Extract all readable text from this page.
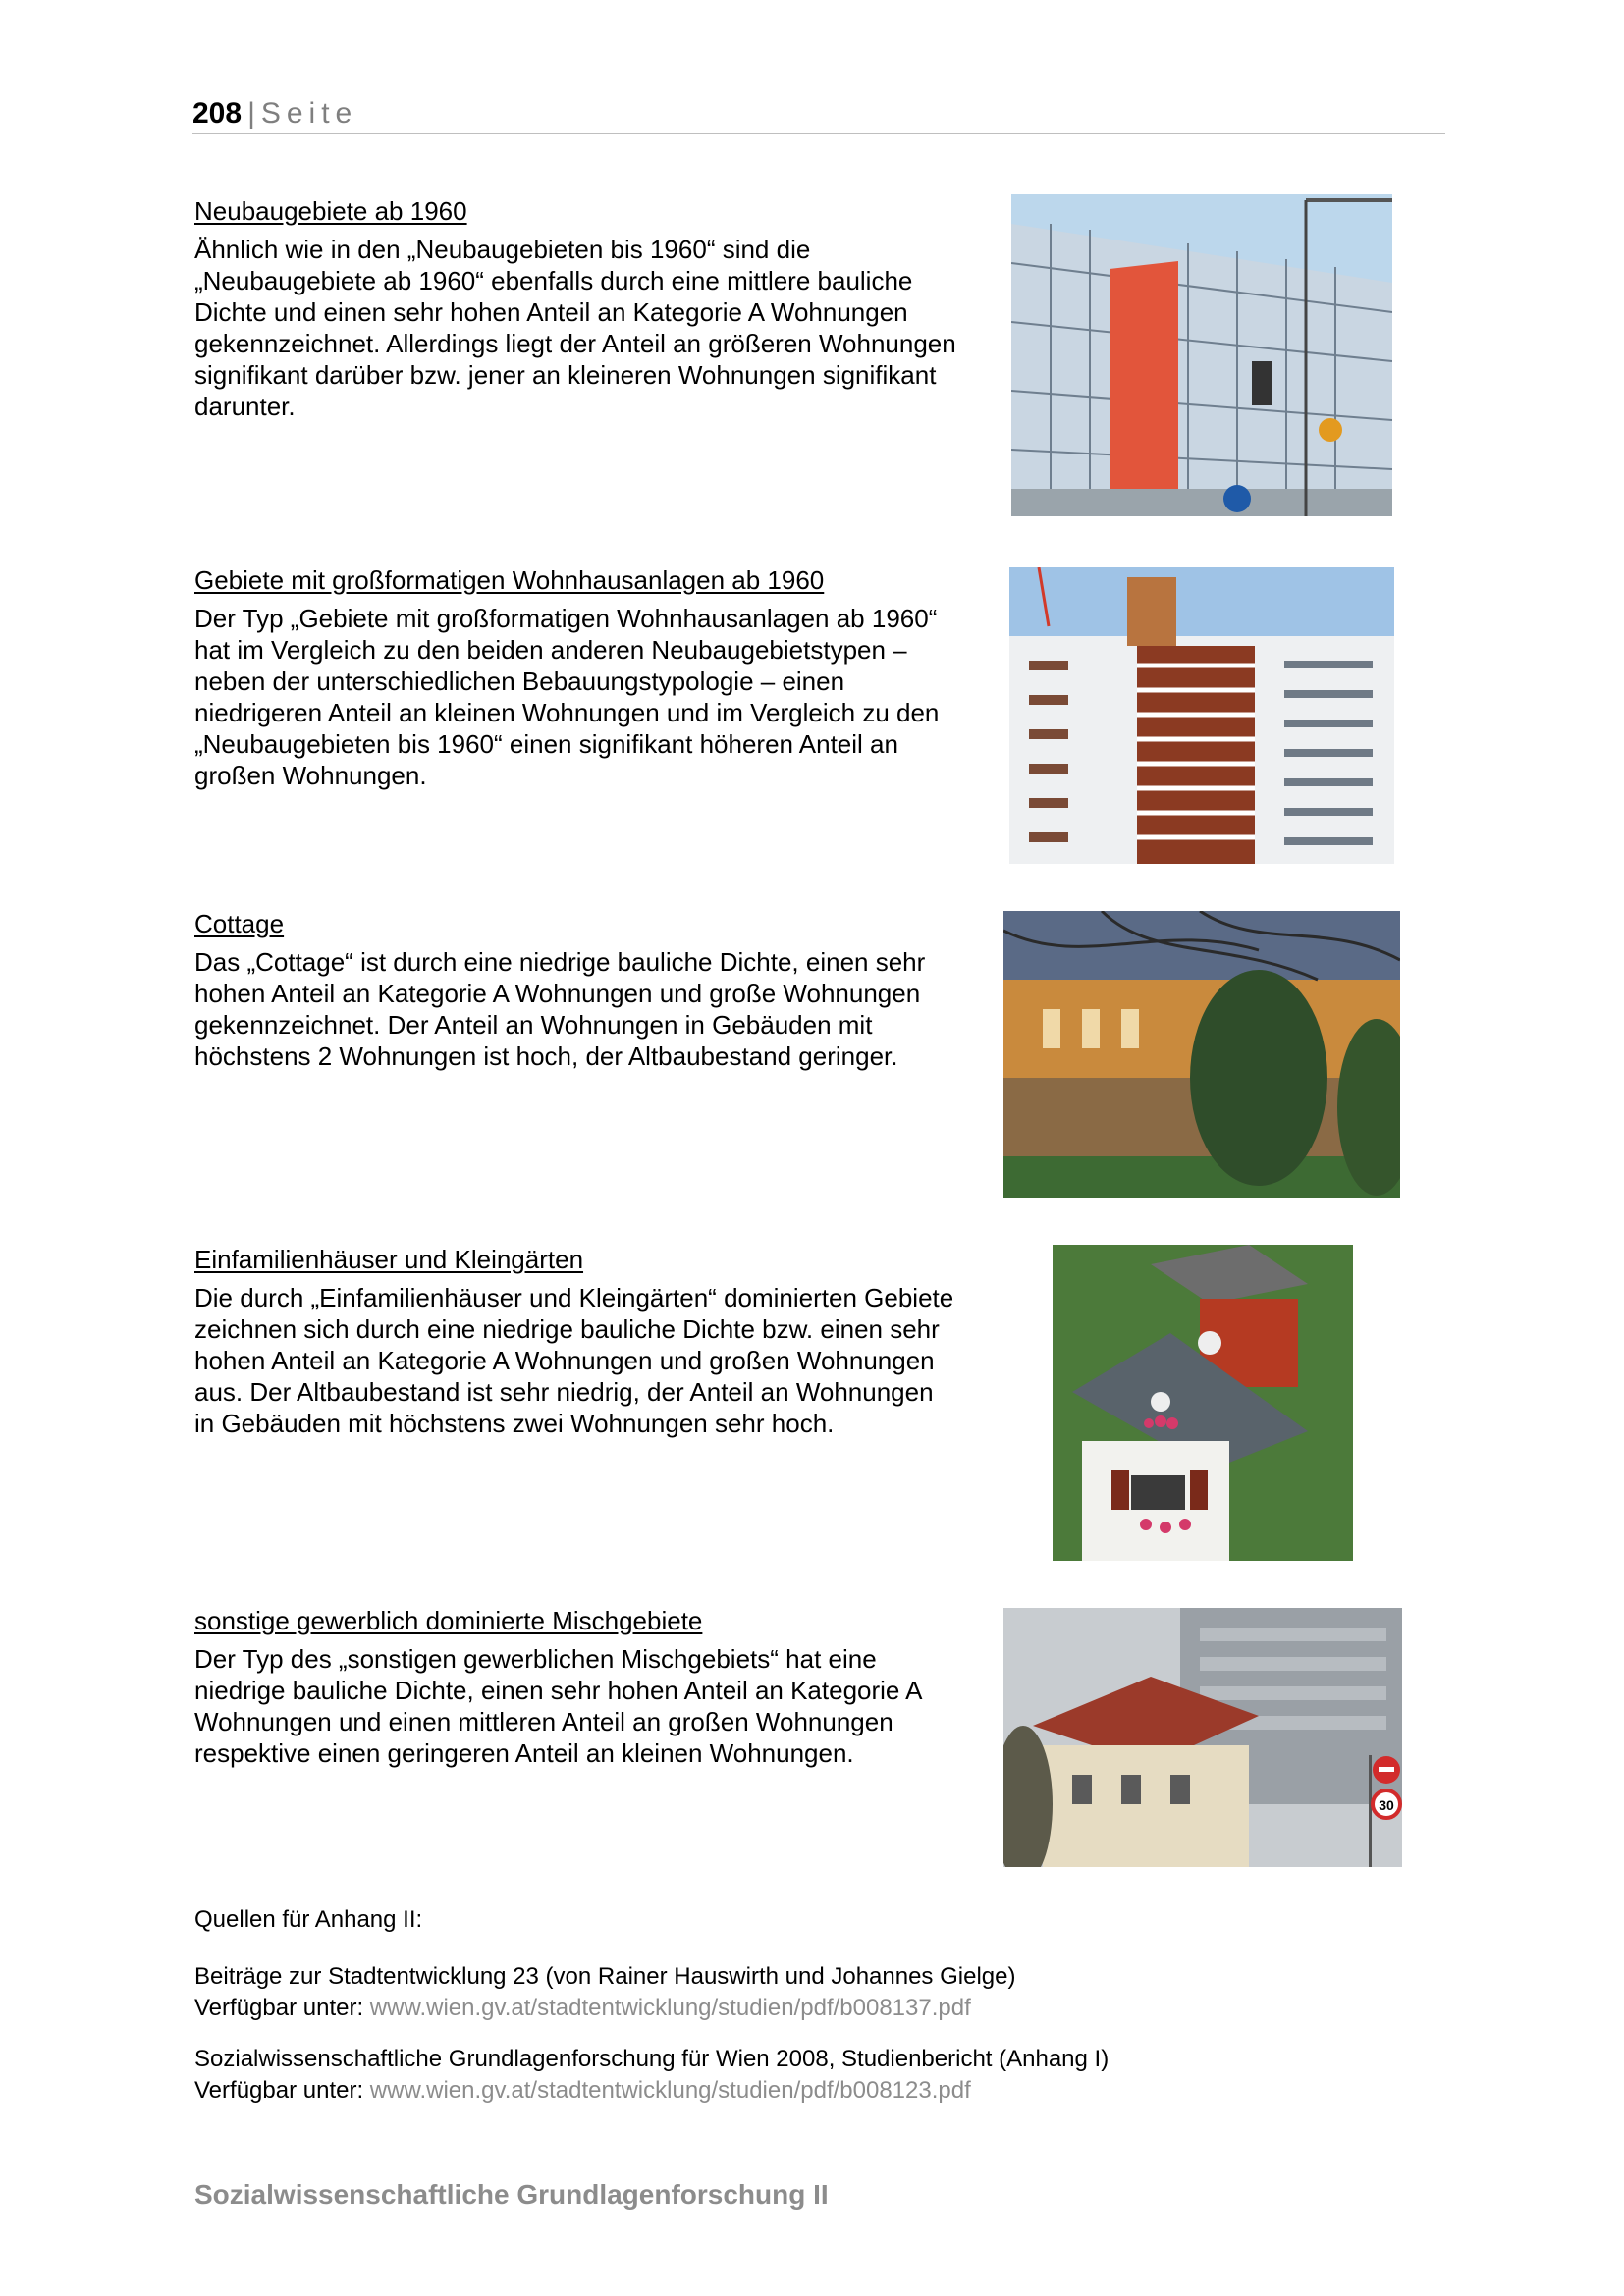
208 | Seite
Neubaugebiete ab 1960

Ähnlich wie in den „Neubaugebieten bis 1960“ sind die „Neubaugebiete ab 1960“ ebenfalls durch eine mittlere bauliche Dichte und einen sehr hohen Anteil an Kategorie A Wohnungen gekennzeichnet. Allerdings liegt der Anteil an größeren Wohnungen signifikant darüber bzw. jener an kleineren Wohnungen signifikant darunter.

Gebiete mit großformatigen Wohnhausanlagen ab 1960

Der Typ „Gebiete mit großformatigen Wohnhausanlagen ab 1960“ hat im Vergleich zu den beiden anderen Neubaugebietstypen – neben der unterschiedlichen Bebauungstypologie – einen niedrigeren Anteil an kleinen Wohnungen und im Vergleich zu den „Neubaugebieten bis 1960“ einen signifikant höheren Anteil an großen Wohnungen.

Cottage

Das „Cottage“ ist durch eine niedrige bauliche Dichte, einen sehr hohen Anteil an Kategorie A Wohnungen und große Wohnungen gekennzeichnet. Der Anteil an Wohnungen in Gebäuden mit höchstens 2 Wohnungen ist hoch, der Altbaubestand geringer.

Einfamilienhäuser und Kleingärten

Die durch „Einfamilienhäuser und Kleingärten“ dominierten Gebiete zeichnen sich durch eine niedrige bauliche Dichte bzw. einen sehr hohen Anteil an Kategorie A Wohnungen und großen Wohnungen aus. Der Altbaubestand ist sehr niedrig, der Anteil an Wohnungen in Gebäuden mit höchstens zwei Wohnungen sehr hoch.

sonstige gewerblich dominierte Mischgebiete

Der Typ des „sonstigen gewerblichen Mischgebiets“ hat eine niedrige bauliche Dichte, einen sehr hohen Anteil an Kategorie A Wohnungen und einen mittleren Anteil an großen Wohnungen respektive einen geringeren Anteil an kleinen Wohnungen.

30

Quellen für Anhang II:

Beiträge zur Stadtentwicklung 23 (von Rainer Hauswirth und Johannes Gielge)
Verfügbar unter: www.wien.gv.at/stadtentwicklung/studien/pdf/b008137.pdf
Sozialwissenschaftliche Grundlagenforschung für Wien 2008, Studienbericht (Anhang I)
Verfügbar unter: www.wien.gv.at/stadtentwicklung/studien/pdf/b008123.pdf
Sozialwissenschaftliche Grundlagenforschung II
